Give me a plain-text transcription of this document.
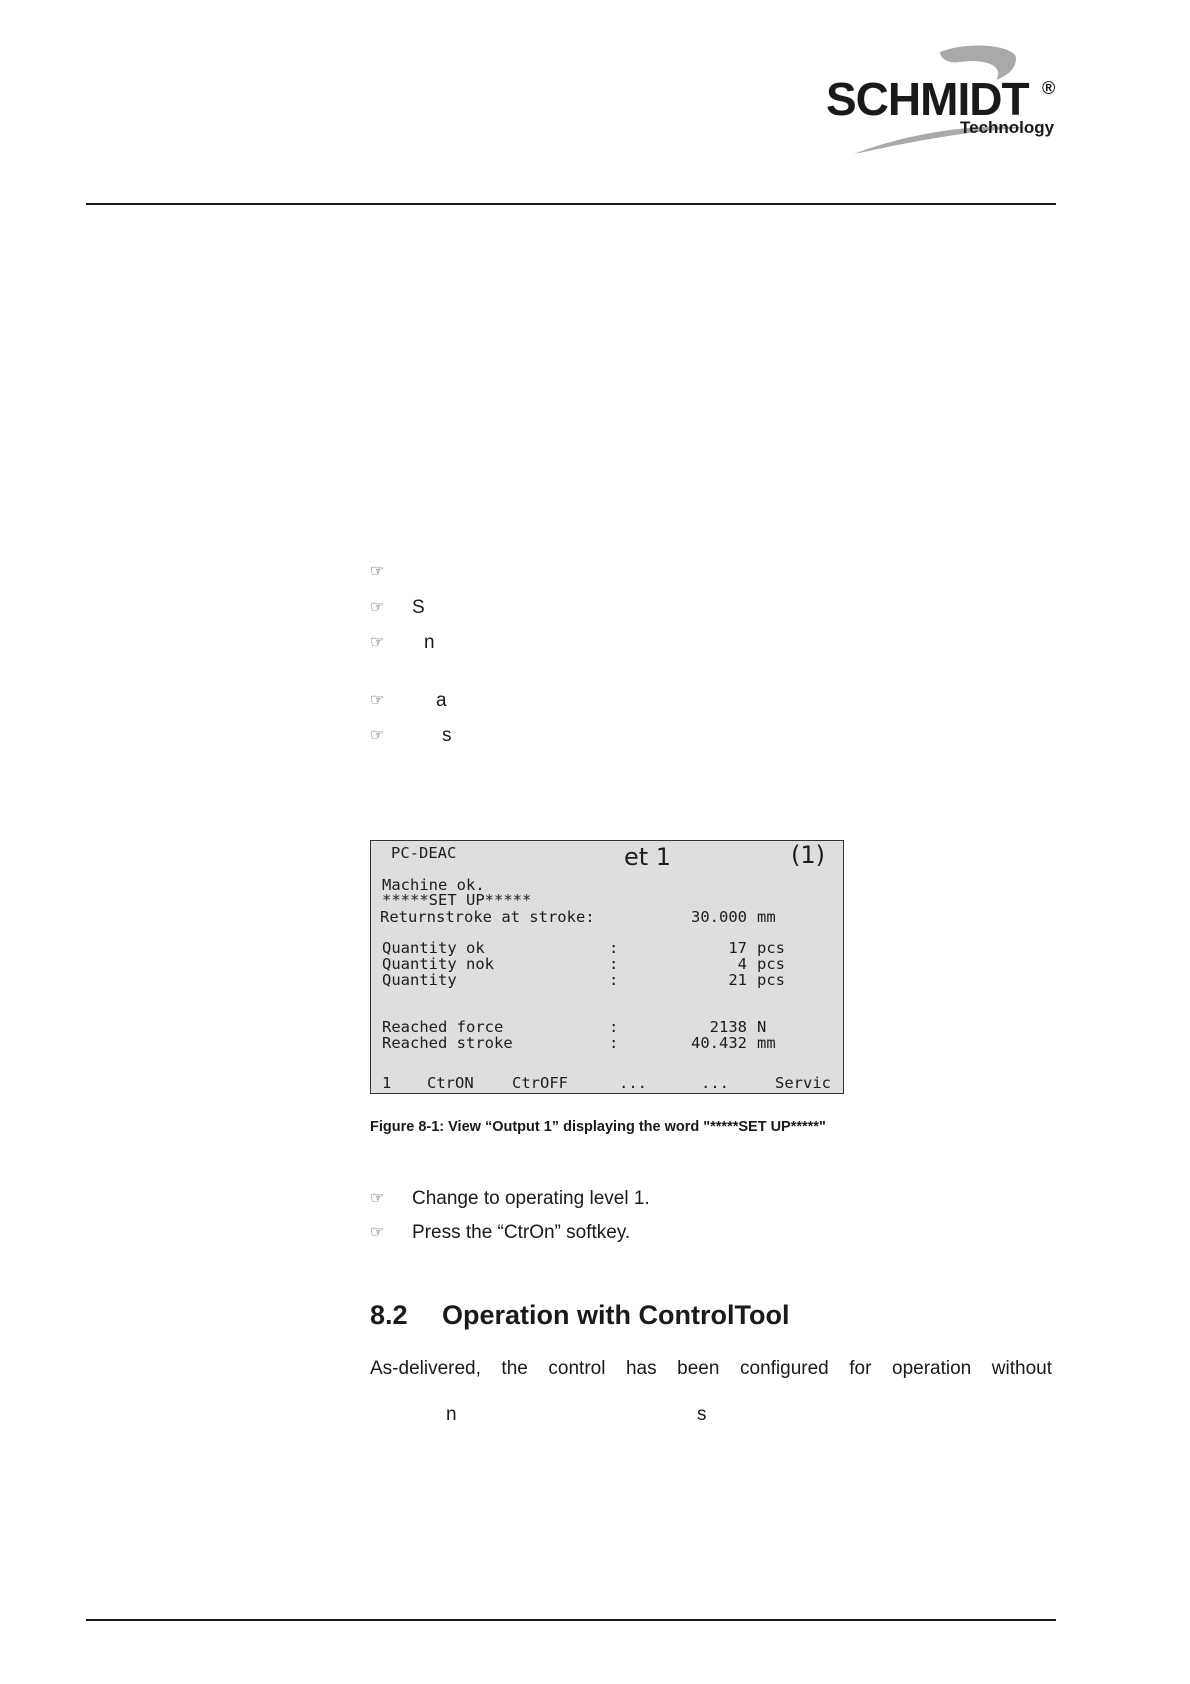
SCHMIDT ®
Technology
☞
☞ S
☞ n
☞	a
☞	s
PC-DEAC	et 1	(1)
Machine ok.
*****SET UP*****
Returnstroke at stroke:	30.000 mm
Quantity ok	:	17 pcs
Quantity nok	:	4 pcs
Quantity	:	21 pcs
Reached force	:	2138 N
Reached stroke	:	40.432 mm
1 CtrON CtrOFF	...	...	Servic
Figure 8-1: View “Output 1” displaying the word "*****SET UP*****"
☞ Change to operating level 1.
☞ Press the “CtrOn” softkey.
8.2 Operation with ControlTool
As-delivered, the control has been configured for operation without
n	s
